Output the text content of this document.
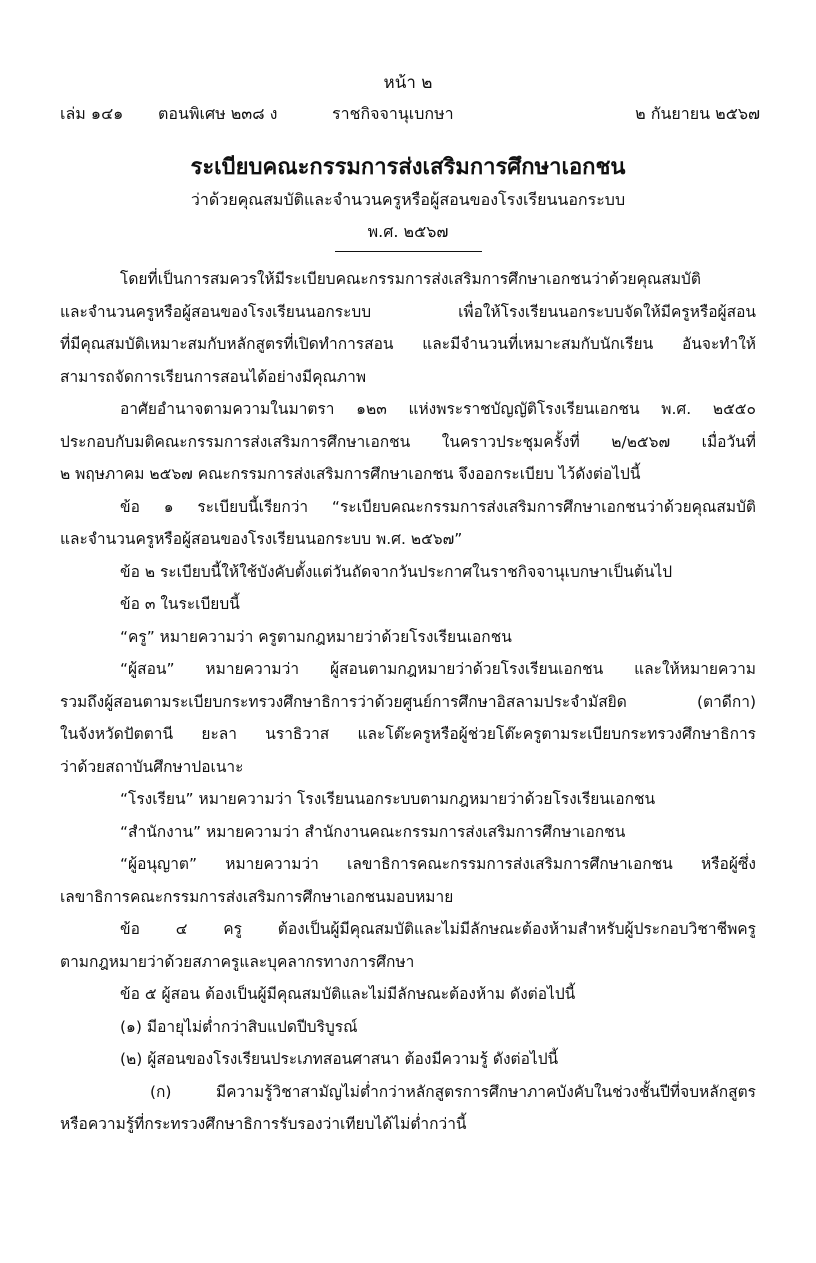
หน้า ๒
เล่ม ๑๔๑ ตอนพิเศษ ๒๓๘ ง	ราชกิจจานุเบกษา	๒ กันยายน ๒๕๖๗
ระเบียบคณะกรรมการส่งเสริมการศึกษาเอกชน
ว่าด้วยคุณสมบัติและจำนวนครูหรือผู้สอนของโรงเรียนนอกระบบ
พ.ศ. ๒๕๖๗
โดยที่เป็นการสมควรให้มีระเบียบคณะกรรมการส่งเสริมการศึกษาเอกชนว่าด้วยคุณสมบัติ
และจำนวนครูหรือผู้สอนของโรงเรียนนอกระบบ เพื่อให้โรงเรียนนอกระบบจัดให้มีครูหรือผู้สอน
ที่มีคุณสมบัติเหมาะสมกับหลักสูตรที่เปิดทำการสอน และมีจำนวนที่เหมาะสมกับนักเรียน อันจะทำให้
สามารถจัดการเรียนการสอนได้อย่างมีคุณภาพ
อาศัยอำนาจตามความในมาตรา ๑๒๓ แห่งพระราชบัญญัติโรงเรียนเอกชน พ.ศ. ๒๕๕๐
ประกอบกับมติคณะกรรมการส่งเสริมการศึกษาเอกชน ในคราวประชุมครั้งที่ ๒/๒๕๖๗ เมื่อวันที่
๒ พฤษภาคม ๒๕๖๗ คณะกรรมการส่งเสริมการศึกษาเอกชน จึงออกระเบียบ ไว้ดังต่อไปนี้
ข้อ ๑ ระเบียบนี้เรียกว่า “ระเบียบคณะกรรมการส่งเสริมการศึกษาเอกชนว่าด้วยคุณสมบัติ
และจำนวนครูหรือผู้สอนของโรงเรียนนอกระบบ พ.ศ. ๒๕๖๗”
ข้อ ๒ ระเบียบนี้ให้ใช้บังคับตั้งแต่วันถัดจากวันประกาศในราชกิจจานุเบกษาเป็นต้นไป
ข้อ ๓ ในระเบียบนี้
“ครู” หมายความว่า ครูตามกฎหมายว่าด้วยโรงเรียนเอกชน
“ผู้สอน” หมายความว่า ผู้สอนตามกฎหมายว่าด้วยโรงเรียนเอกชน และให้หมายความ
รวมถึงผู้สอนตามระเบียบกระทรวงศึกษาธิการว่าด้วยศูนย์การศึกษาอิสลามประจำมัสยิด (ตาดีกา)
ในจังหวัดปัตตานี ยะลา นราธิวาส และโต๊ะครูหรือผู้ช่วยโต๊ะครูตามระเบียบกระทรวงศึกษาธิการ
ว่าด้วยสถาบันศึกษาปอเนาะ
“โรงเรียน” หมายความว่า โรงเรียนนอกระบบตามกฎหมายว่าด้วยโรงเรียนเอกชน
“สำนักงาน” หมายความว่า สำนักงานคณะกรรมการส่งเสริมการศึกษาเอกชน
“ผู้อนุญาต” หมายความว่า เลขาธิการคณะกรรมการส่งเสริมการศึกษาเอกชน หรือผู้ซึ่ง
เลขาธิการคณะกรรมการส่งเสริมการศึกษาเอกชนมอบหมาย
ข้อ ๔ ครู ต้องเป็นผู้มีคุณสมบัติและไม่มีลักษณะต้องห้ามสำหรับผู้ประกอบวิชาชีพครู
ตามกฎหมายว่าด้วยสภาครูและบุคลากรทางการศึกษา
ข้อ ๕ ผู้สอน ต้องเป็นผู้มีคุณสมบัติและไม่มีลักษณะต้องห้าม ดังต่อไปนี้
(๑) มีอายุไม่ต่ำกว่าสิบแปดปีบริบูรณ์
(๒) ผู้สอนของโรงเรียนประเภทสอนศาสนา ต้องมีความรู้ ดังต่อไปนี้
(ก) มีความรู้วิชาสามัญไม่ต่ำกว่าหลักสูตรการศึกษาภาคบังคับในช่วงชั้นปีที่จบหลักสูตร
หรือความรู้ที่กระทรวงศึกษาธิการรับรองว่าเทียบได้ไม่ต่ำกว่านี้
